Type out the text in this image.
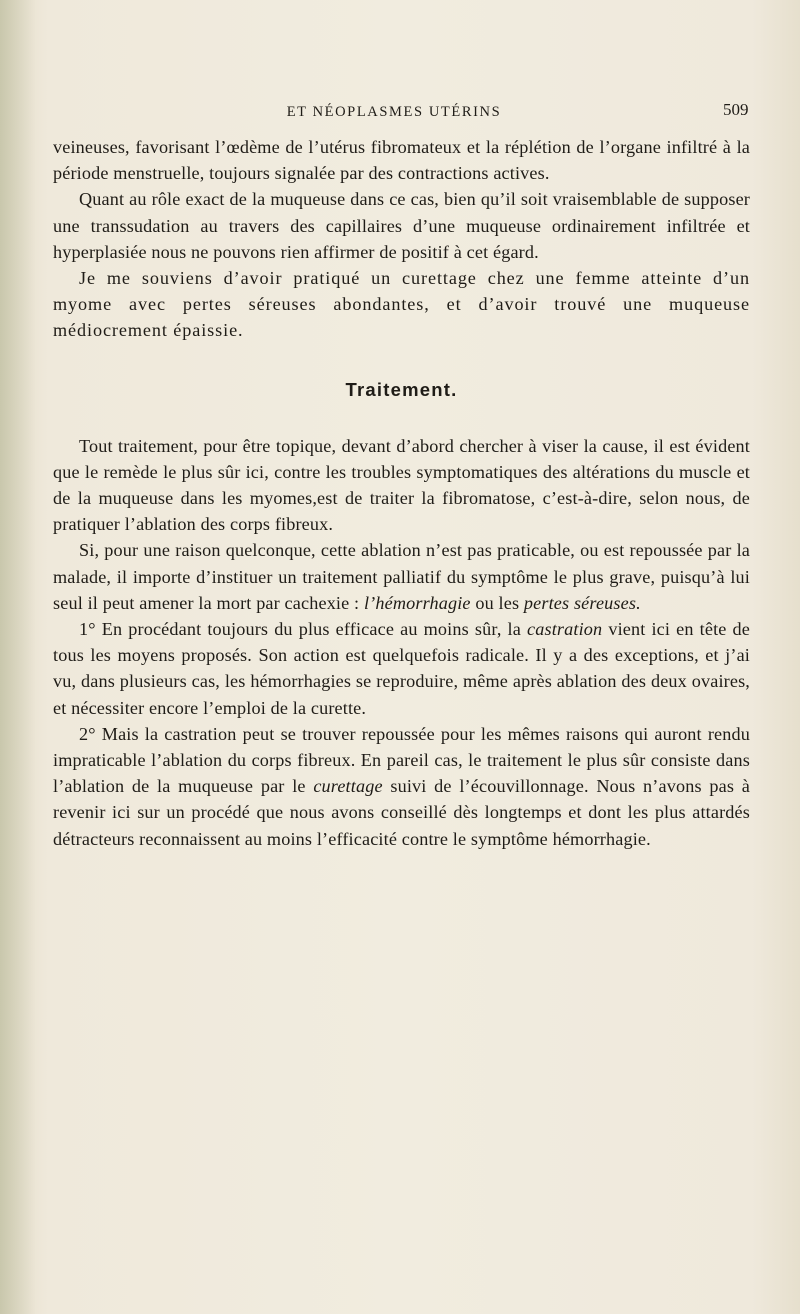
ET NÉOPLASMES UTÉRINS	509

veineuses, favorisant l’œdème de l’utérus fibromateux et la réplétion de l’organe infiltré à la période menstruelle, toujours signalée par des contractions actives.

Quant au rôle exact de la muqueuse dans ce cas, bien qu’il soit vraisemblable de supposer une transsudation au travers des capillaires d’une muqueuse ordinairement infiltrée et hyperplasiée nous ne pouvons rien affirmer de positif à cet égard.

Je me souviens d’avoir pratiqué un curettage chez une femme atteinte d’un myome avec pertes séreuses abondantes, et d’avoir trouvé une muqueuse médiocrement épaissie.

Traitement.

Tout traitement, pour être topique, devant d’abord chercher à viser la cause, il est évident que le remède le plus sûr ici, contre les troubles symptomatiques des altérations du muscle et de la muqueuse dans les myomes,est de traiter la fibromatose, c’est-à-dire, selon nous, de pratiquer l’ablation des corps fibreux.

Si, pour une raison quelconque, cette ablation n’est pas praticable, ou est repoussée par la malade, il importe d’instituer un traitement palliatif du symptôme le plus grave, puisqu’à lui seul il peut amener la mort par cachexie : l’hémorrhagie ou les pertes séreuses.

1° En procédant toujours du plus efficace au moins sûr, la castration vient ici en tête de tous les moyens proposés. Son action est quelquefois radicale. Il y a des exceptions, et j’ai vu, dans plusieurs cas, les hémorrhagies se reproduire, même après ablation des deux ovaires, et nécessiter encore l’emploi de la curette.

2° Mais la castration peut se trouver repoussée pour les mêmes raisons qui auront rendu impraticable l’ablation du corps fibreux. En pareil cas, le traitement le plus sûr consiste dans l’ablation de la muqueuse par le curettage suivi de l’écouvillonnage. Nous n’avons pas à revenir ici sur un procédé que nous avons conseillé dès longtemps et dont les plus attardés détracteurs reconnaissent au moins l’efficacité contre le symptôme hémorrhagie.
